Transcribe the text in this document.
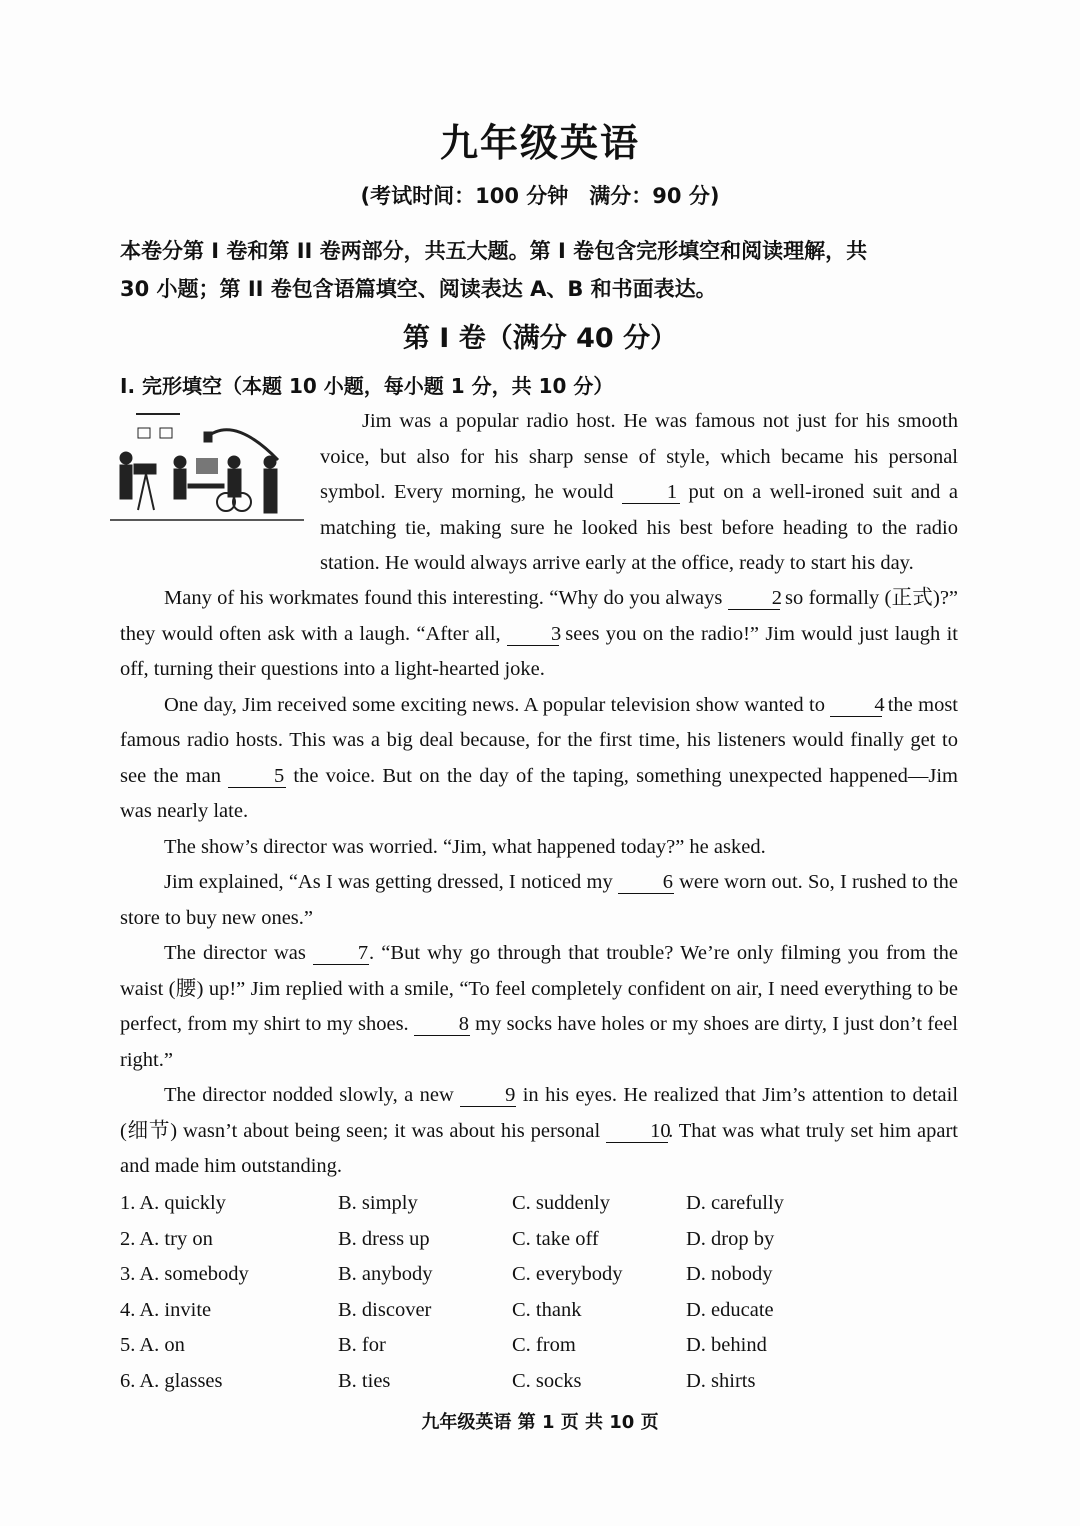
九年级英语
(考试时间：100 分钟　满分：90 分)
本卷分第 I 卷和第 II 卷两部分，共五大题。第 I 卷包含完形填空和阅读理解，共
30 小题；第 II 卷包含语篇填空、阅读表达 A、B 和书面表达。
第 I 卷（满分 40 分）
I. 完形填空（本题 10 小题，每小题 1 分，共 10 分）

Jim was a popular radio host. He was famous not just for his smooth voice, but also for his sharp sense of style, which became his personal symbol. Every morning, he would	1 put on a well-ironed suit and a matching tie, making sure he looked his best before heading to the radio station. He would always arrive early at the office, ready to start his day.

Many of his workmates found this interesting. “Why do you always 2 so formally (正式)?” they would often ask with a laugh. “After all, 3 sees you on the radio!” Jim would just laugh it off, turning their questions into a light-hearted joke.

One day, Jim received some exciting news. A popular television show wanted to 4 the most famous radio hosts. This was a big deal because, for the first time, his listeners would finally get to see the man	5 the voice. But on the day of the taping, something unexpected happened—Jim was nearly late.

The show’s director was worried. “Jim, what happened today?” he asked.

Jim explained, “As I was getting dressed, I noticed my 6 were worn out. So, I rushed to the store to buy new ones.”

The director was	7. “But why go through that trouble? We’re only filming you from the waist (腰) up!” Jim replied with a smile, “To feel completely confident on air, I need everything to be perfect, from my shirt to my shoes. 8 my socks have holes or my shoes are dirty, I just don’t feel right.”

The director nodded slowly, a new	9 in his eyes. He realized that Jim’s attention to detail (细节) wasn’t about being seen; it was about his personal 10. That was what truly set him apart and made him outstanding.

1. A. quickly	B. simply	C. suddenly	D. carefully
2. A. try on	B. dress up	C. take off	D. drop by
3. A. somebody	B. anybody	C. everybody	D. nobody
4. A. invite	B. discover	C. thank	D. educate
5. A. on	B. for	C. from	D. behind
6. A. glasses	B. ties	C. socks	D. shirts
九年级英语 第 1 页 共 10 页
